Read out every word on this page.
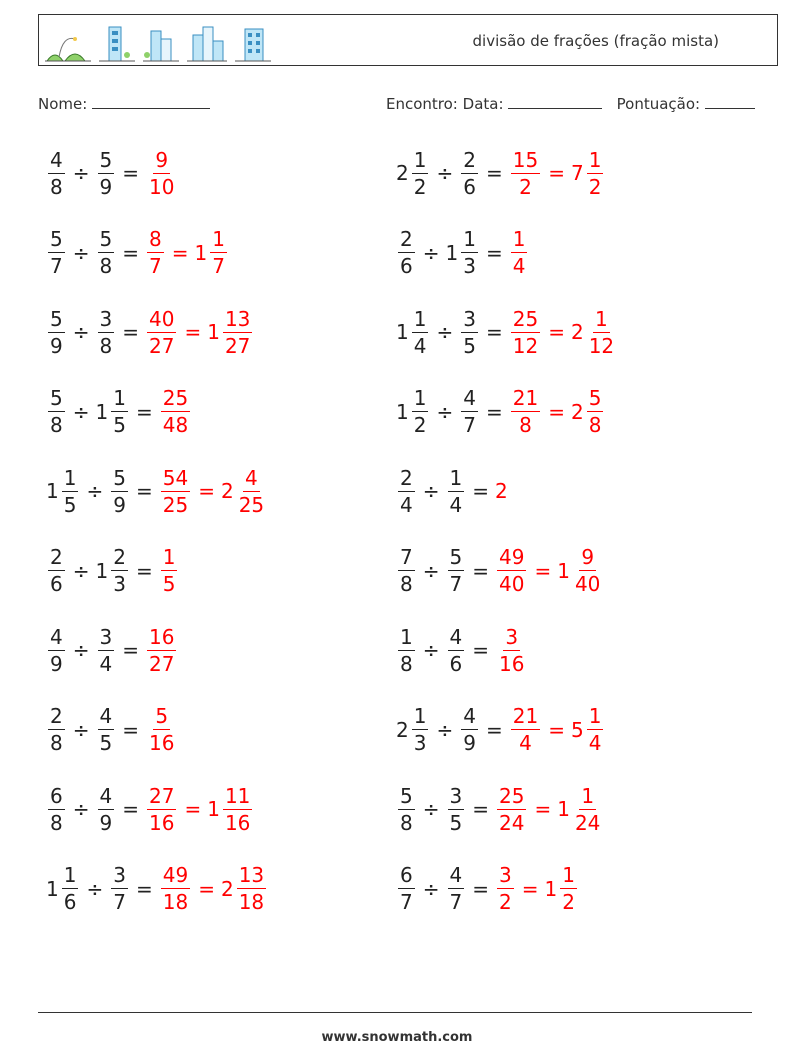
divisão de frações (fração mista)
Nome:	Encontro: Data:	Pontuação:
$\frac{4}{8} \div \frac{5}{9} = \frac{9}{10}$
$\frac{5}{7} \div \frac{5}{8} = \frac{8}{7} = 1 \frac{1}{7}$
$\frac{5}{9} \div \frac{3}{8} = \frac{40}{27} = 1 \frac{13}{27}$
$\frac{5}{8} \div 1 \frac{1}{5} = \frac{25}{48}$
$1 \frac{1}{5} \div \frac{5}{9} = \frac{54}{25} = 2 \frac{4}{25}$
$\frac{2}{6} \div 1 \frac{2}{3} = \frac{1}{5}$
$\frac{4}{9} \div \frac{3}{4} = \frac{16}{27}$
$\frac{2}{8} \div \frac{4}{5} = \frac{5}{16}$
$\frac{6}{8} \div \frac{4}{9} = \frac{27}{16} = 1 \frac{11}{16}$
$1 \frac{1}{6} \div \frac{3}{7} = \frac{49}{18} = 2 \frac{13}{18}$
$2 \frac{1}{2} \div \frac{2}{6} = \frac{15}{2} = 7 \frac{1}{2}$
$\frac{2}{6} \div 1 \frac{1}{3} = \frac{1}{4}$
$1 \frac{1}{4} \div \frac{3}{5} = \frac{25}{12} = 2 \frac{1}{12}$
$1 \frac{1}{2} \div \frac{4}{7} = \frac{21}{8} = 2 \frac{5}{8}$
$\frac{2}{4} \div \frac{1}{4} = 2$
$\frac{7}{8} \div \frac{5}{7} = \frac{49}{40} = 1 \frac{9}{40}$
$\frac{1}{8} \div \frac{4}{6} = \frac{3}{16}$
$2 \frac{1}{3} \div \frac{4}{9} = \frac{21}{4} = 5 \frac{1}{4}$
$\frac{5}{8} \div \frac{3}{5} = \frac{25}{24} = 1 \frac{1}{24}$
$\frac{6}{7} \div \frac{4}{7} = \frac{3}{2} = 1 \frac{1}{2}$
www.snowmath.com
